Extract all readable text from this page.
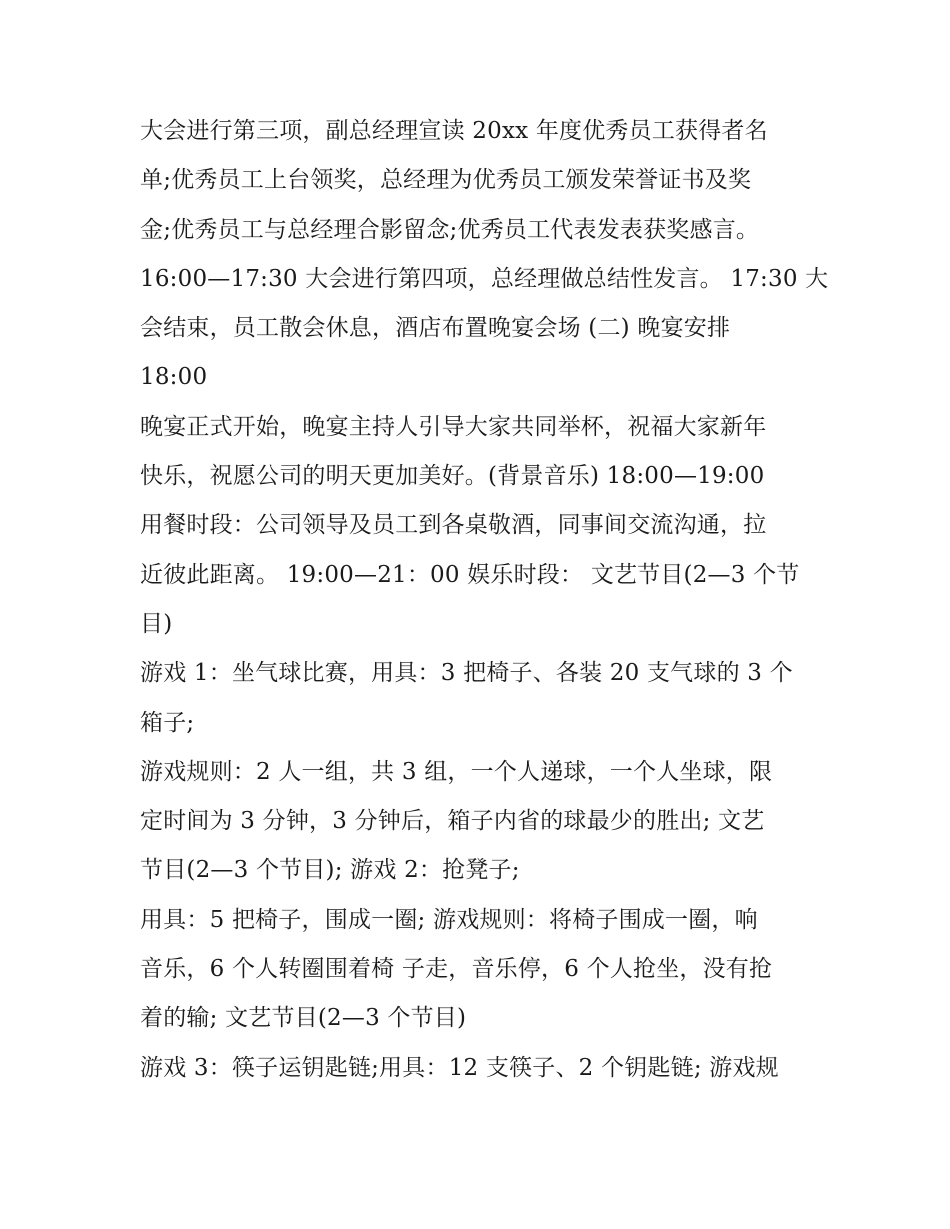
大会进行第三项，副总经理宣读 20xx 年度优秀员工获得者名
单;优秀员工上台领奖，总经理为优秀员工颁发荣誉证书及奖
金;优秀员工与总经理合影留念;优秀员工代表发表获奖感言。
16:00—17:30 大会进行第四项，总经理做总结性发言。 17:30 大
会结束，员工散会休息，酒店布置晚宴会场 (二) 晚宴安排
18:00
晚宴正式开始，晚宴主持人引导大家共同举杯，祝福大家新年
快乐，祝愿公司的明天更加美好。(背景音乐) 18:00—19:00
用餐时段：公司领导及员工到各桌敬酒，同事间交流沟通，拉
近彼此距离。 19:00—21：00 娱乐时段： 文艺节目(2—3 个节
目)
游戏 1：坐气球比赛，用具：3 把椅子、各装 20 支气球的 3 个
箱子;
游戏规则：2 人一组，共 3 组，一个人递球，一个人坐球，限
定时间为 3 分钟，3 分钟后，箱子内省的球最少的胜出; 文艺
节目(2—3 个节目); 游戏 2：抢凳子;
用具：5 把椅子，围成一圈; 游戏规则：将椅子围成一圈，响
音乐，6 个人转圈围着椅 子走，音乐停，6 个人抢坐，没有抢
着的输; 文艺节目(2—3 个节目)
游戏 3：筷子运钥匙链;用具：12 支筷子、2 个钥匙链; 游戏规
